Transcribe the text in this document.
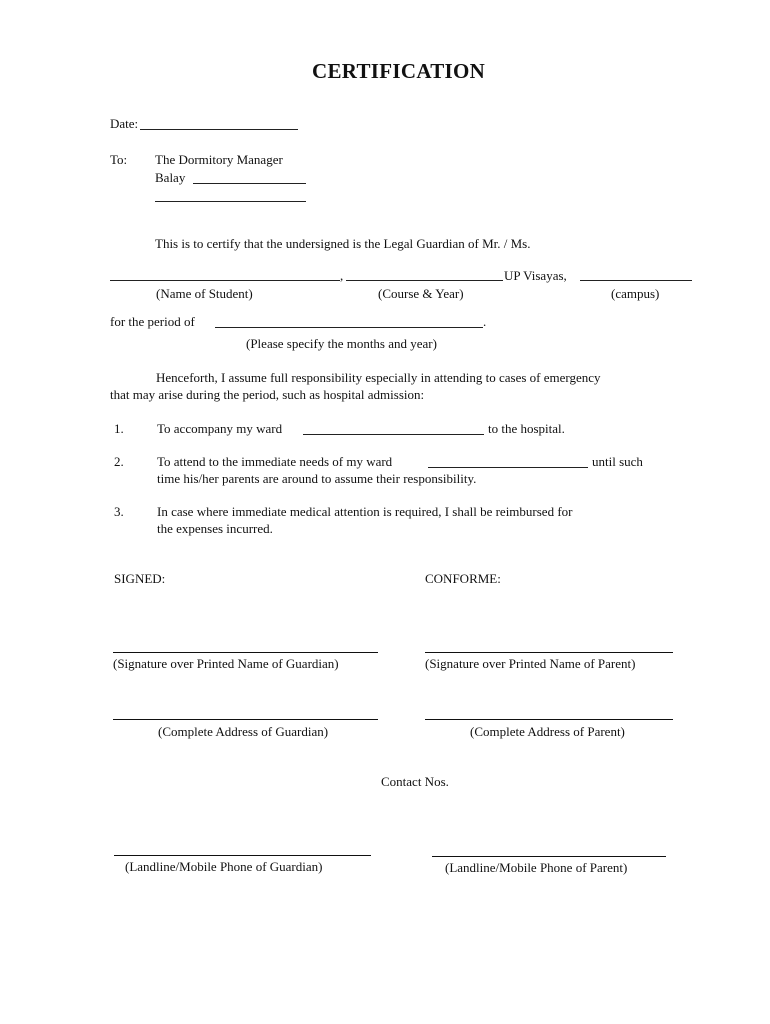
CERTIFICATION
Date:
To: The Dormitory Manager
Balay
This is to certify that the undersigned is the Legal Guardian of Mr. / Ms.
,	UP Visayas,
(Name of Student)	(Course & Year)	(campus)
for the period of	.
(Please specify the months and year)
Henceforth, I assume full responsibility especially in attending to cases of emergency
that may arise during the period, such as hospital admission:
1.	To accompany my ward	to the hospital.
2.	To attend to the immediate needs of my ward	until such
time his/her parents are around to assume their responsibility.
3.	In case where immediate medical attention is required, I shall be reimbursed for
the expenses incurred.
SIGNED:	CONFORME:
(Signature over Printed Name of Guardian)	(Signature over Printed Name of Parent)
(Complete Address of Guardian)	(Complete Address of Parent)
Contact Nos.
(Landline/Mobile Phone of Guardian)	(Landline/Mobile Phone of Parent)
